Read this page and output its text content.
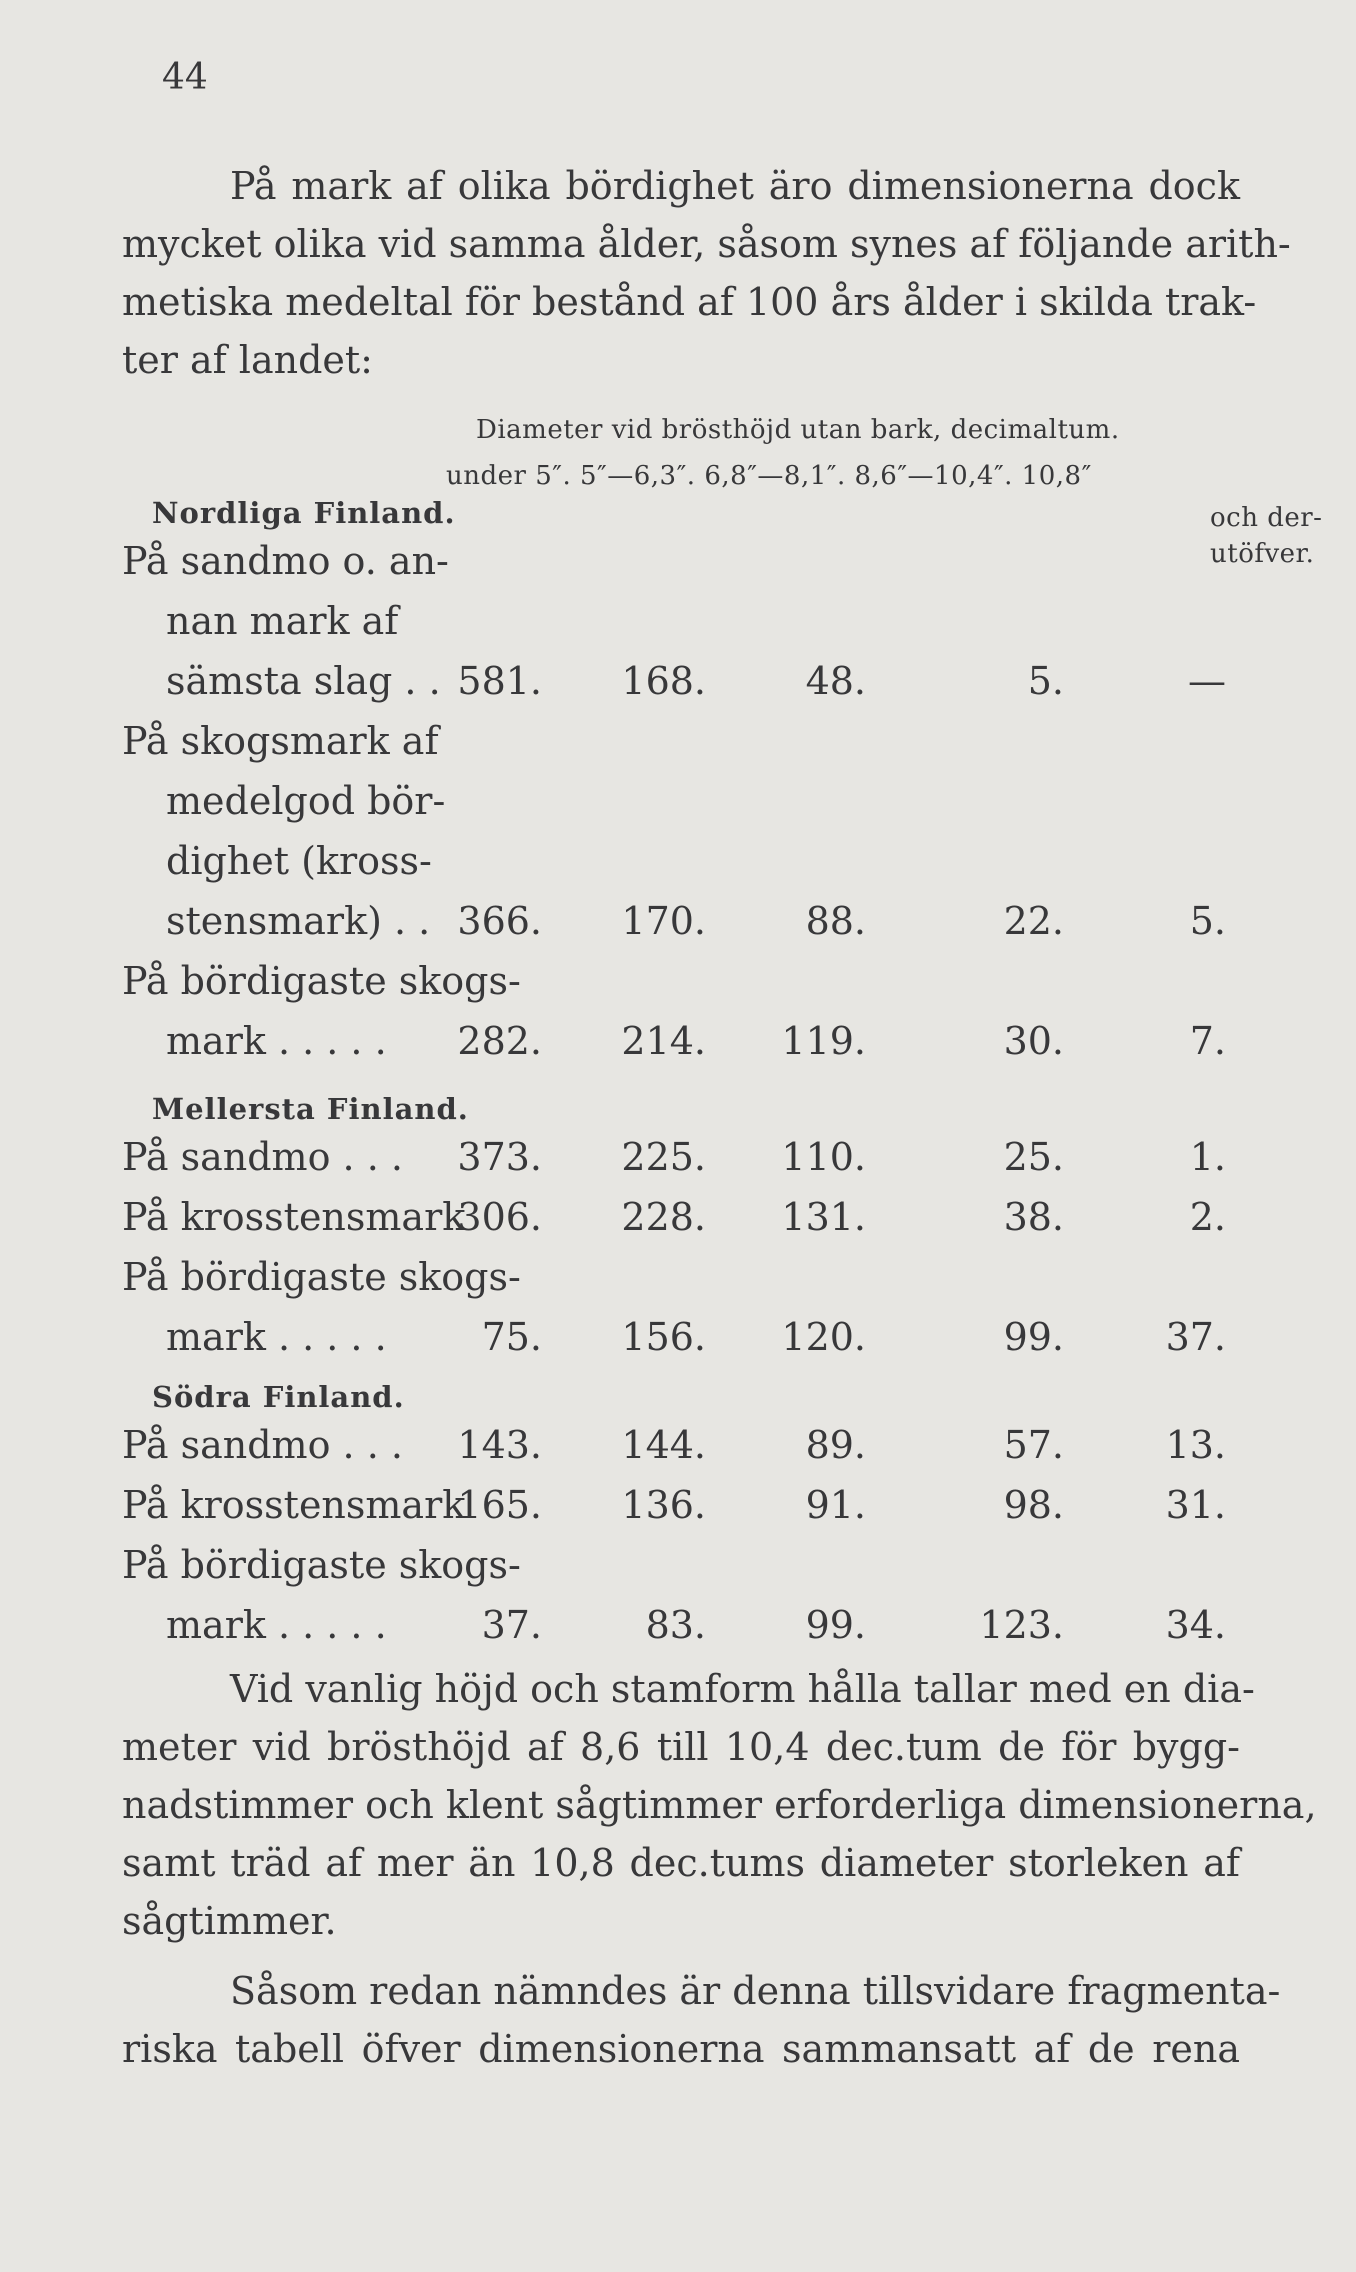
44

På mark af olika bördighet äro dimensionerna dock
mycket olika vid samma ålder, såsom synes af följande arith-
metiska medeltal för bestånd af 100 års ålder i skilda trak-
ter af landet:

Diameter vid brösthöjd utan bark, decimaltum.
under 5″. 5″—6,3″. 6,8″—8,1″. 8,6″—10,4″. 10,8″
och der-
utöfver.
Nordliga Finland.
På sandmo o. an-
nan mark af
sämsta slag . . 581. 168.	48.	5.	—
På skogsmark af
medelgod bör-
dighet (kross-
stensmark) . . 366. 170.	88.	22.	5.
På bördigaste skogs-
mark . . . . . 282. 214. 119.	30.	7.
Mellersta Finland.
På sandmo . . . 373. 225. 110.	25.	1.
På krosstensmark
306. 228. 131.	38.	2.
På bördigaste skogs-
mark . . . . . 75. 156. 120.	99.	37.
Södra Finland.
På sandmo . . . 143. 144.	89.	57.	13.
På krosstensmark
165. 136.	91.	98.	31.
På bördigaste skogs-
mark . . . . . 37.	83.	99.	123.	34.

Vid vanlig höjd och stamform hålla tallar med en dia-
meter vid brösthöjd af 8,6 till 10,4 dec.tum de för bygg-
nadstimmer och klent sågtimmer erforderliga dimensionerna,
samt träd af mer än 10,8 dec.tums diameter storleken af
sågtimmer.

Såsom redan nämndes är denna tillsvidare fragmenta-
riska tabell öfver dimensionerna sammansatt af de rena
